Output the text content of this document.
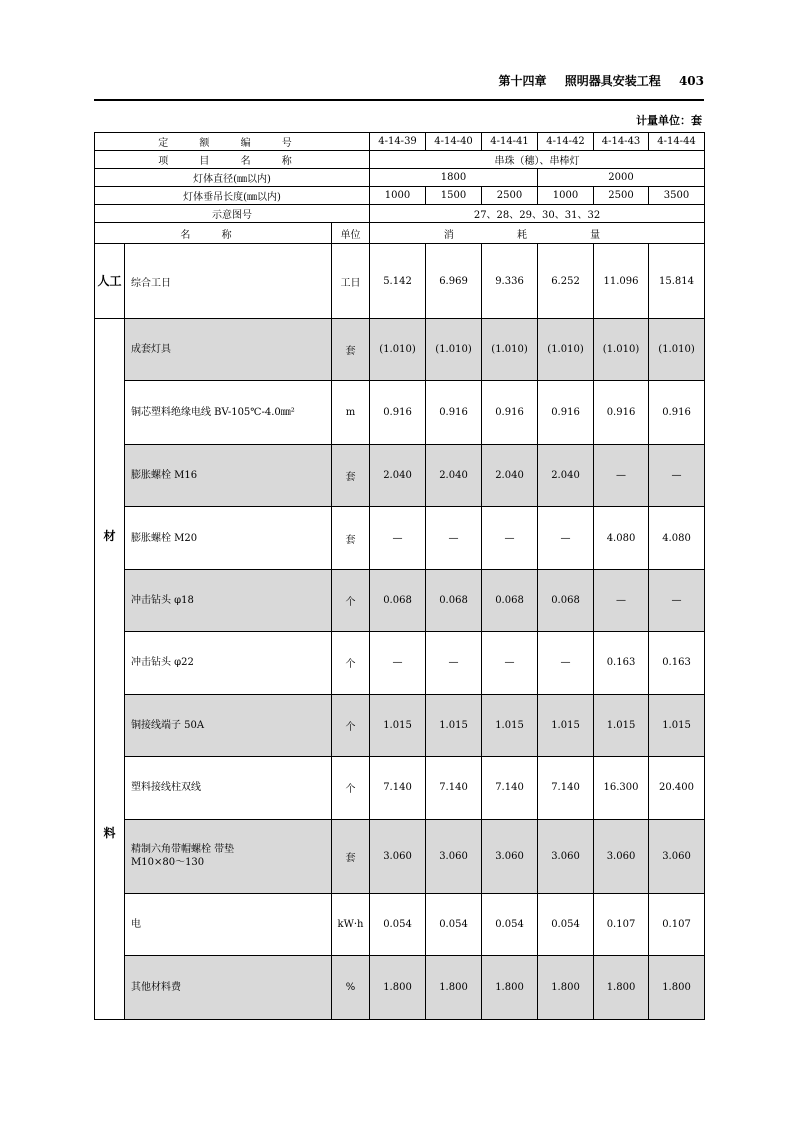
第十四章 照明器具安装工程 403
计量单位：套
定 额 编 号			4-14-39	4-14-40	4-14-41	4-14-42	4-14-43	4-14-44
项 目 名 称			串珠（穗）、串棒灯					
灯体直径(㎜以内)			1800			2000		
灯体垂吊长度(㎜以内)			1000	1500	2500	1000	2500	3500
示意图号			27、28、29、30、31、32					
名 称		单位	消 耗 量					
人工	综合工日	工日	5.142	6.969	9.336	6.252	11.096	15.814

材
料	成套灯具	套	(1.010)	(1.010)	(1.010)	(1.010)	(1.010)	(1.010)
	铜芯塑料绝缘电线 BV-105℃-4.0㎜²	m	0.916	0.916	0.916	0.916	0.916	0.916
	膨胀螺栓 M16	套	2.040	2.040	2.040	2.040	—	—
	膨胀螺栓 M20	套	—	—	—	—	4.080	4.080
	冲击钻头 φ18	个	0.068	0.068	0.068	0.068	—	—
	冲击钻头 φ22	个	—	—	—	—	0.163	0.163
	铜接线端子 50A	个	1.015	1.015	1.015	1.015	1.015	1.015
	塑料接线柱双线	个	7.140	7.140	7.140	7.140	16.300	20.400
	精制六角带帽螺栓 带垫
M10×80～130	套	3.060	3.060	3.060	3.060	3.060	3.060
	电	kW·h	0.054	0.054	0.054	0.054	0.107	0.107
	其他材料费	%	1.800	1.800	1.800	1.800	1.800	1.800
